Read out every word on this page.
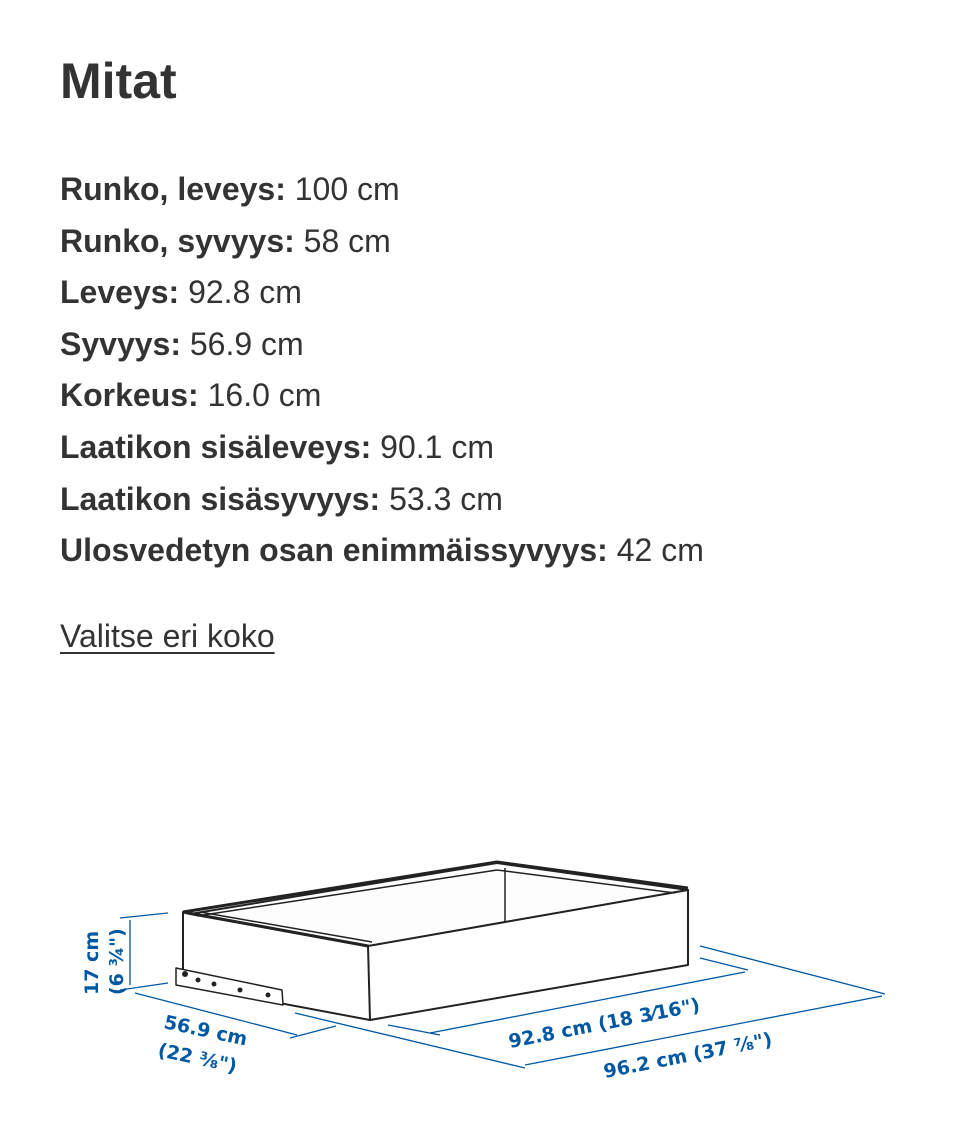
Mitat
Runko, leveys: 100 cm
Runko, syvyys: 58 cm
Leveys: 92.8 cm
Syvyys: 56.9 cm
Korkeus: 16.0 cm
Laatikon sisäleveys: 90.1 cm
Laatikon sisäsyvyys: 53.3 cm
Ulosvedetyn osan enimmäissyvyys: 42 cm
Valitse eri koko
17 cm (6 ¾")
56.9 cm
(22 ⅜")
92.8 cm (18 3⁄16")
96.2 cm (37 ⅞")
